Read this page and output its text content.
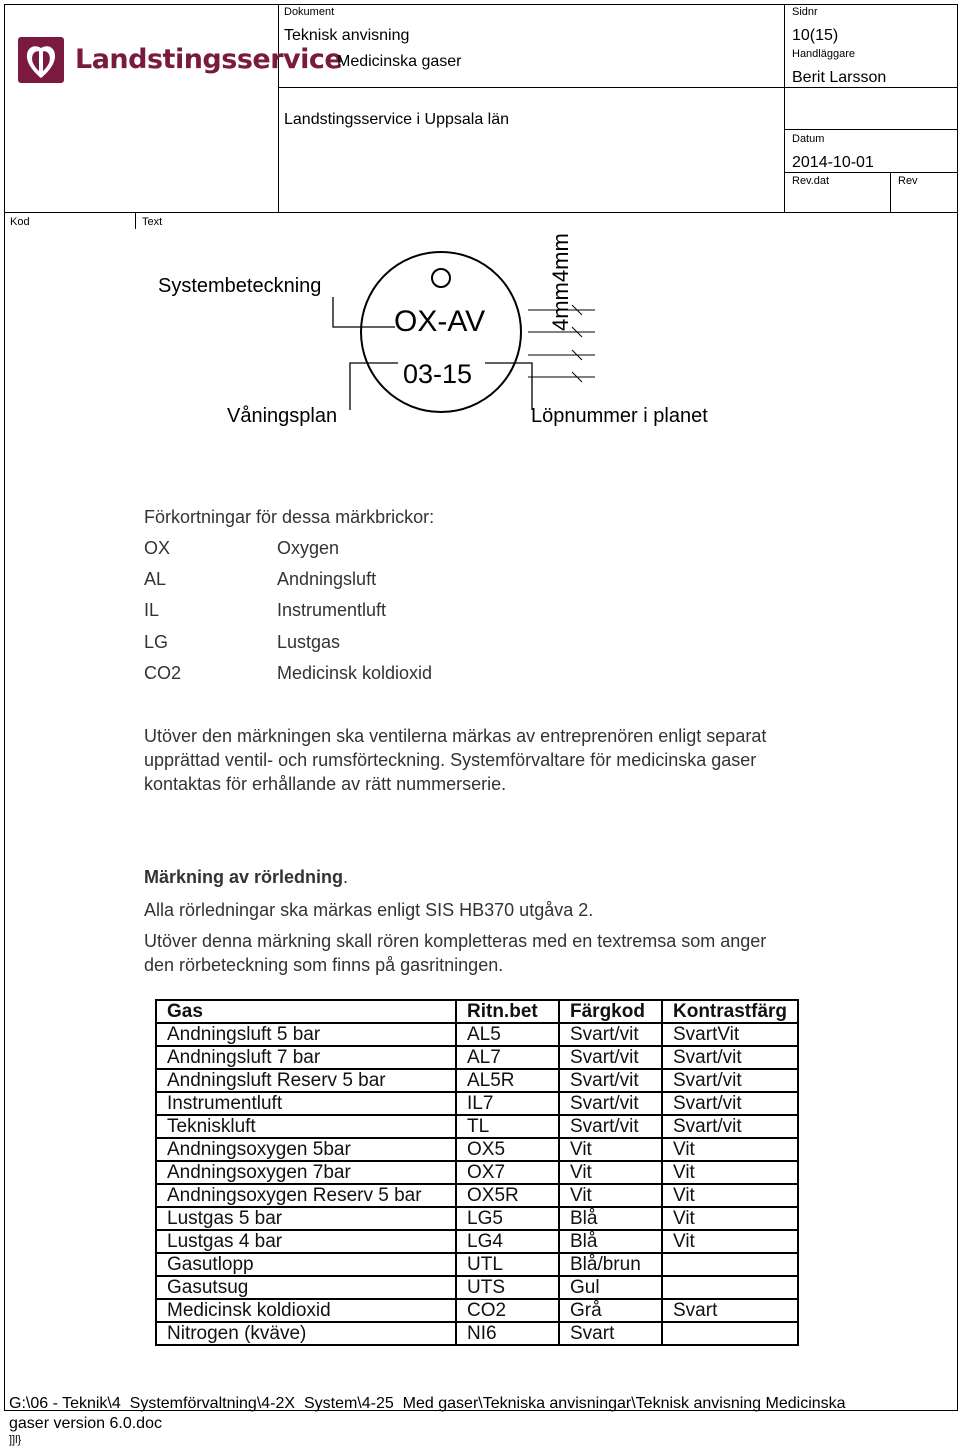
Landstingsservice
Dokument
Teknisk anvisning
Medicinska gaser
Landstingsservice i Uppsala län
Sidnr
10(15)
Handläggare
Berit Larsson
Datum
2014-10-01
Rev.dat	Rev
Kod	Text
Systembeteckning
OX-AV
03-15
Våningsplan	Löpnummer i planet
4mm4mm
Förkortningar för dessa märkbrickor:
OX	Oxygen
AL	Andningsluft
IL	Instrumentluft
LG	Lustgas
CO2	Medicinsk koldioxid
Utöver den märkningen ska ventilerna märkas av entreprenören enligt separat
upprättad ventil- och rumsförteckning. Systemförvaltare för medicinska gaser
kontaktas för erhållande av rätt nummerserie.
Märkning av rörledning.
Alla rörledningar ska märkas enligt SIS HB370 utgåva 2.
Utöver denna märkning skall rören kompletteras med en textremsa som anger
den rörbeteckning som finns på gasritningen.
Gas	Ritn.bet	Färgkod	Kontrastfärg
Andningsluft 5 bar	AL5	Svart/vit	SvartVit
Andningsluft 7 bar	AL7	Svart/vit	Svart/vit
Andningsluft Reserv 5 bar	AL5R	Svart/vit	Svart/vit
Instrumentluft	IL7	Svart/vit	Svart/vit
Teknisk​luft	TL	Svart/vit	Svart/vit
Andningsoxygen 5bar	OX5	Vit	Vit
Andningsoxygen 7bar	OX7	Vit	Vit
Andningsoxygen Reserv 5 bar	OX5R	Vit	Vit
Lustgas 5 bar	LG5	Blå	Vit
Lustgas 4 bar	LG4	Blå	Vit
Gasutlopp	UTL	Blå/brun	
Gasutsug	UTS	Gul	
Medicinsk koldioxid	CO2	Grå	Svart
Nitrogen (kväve)	NI6	Svart	
G:\06 - Teknik\4_Systemförvaltning\4-2X_System\4-25_Med gaser\Tekniska anvisningar\Teknisk anvisning Medicinska
gaser version 6.0.doc
]]l}
